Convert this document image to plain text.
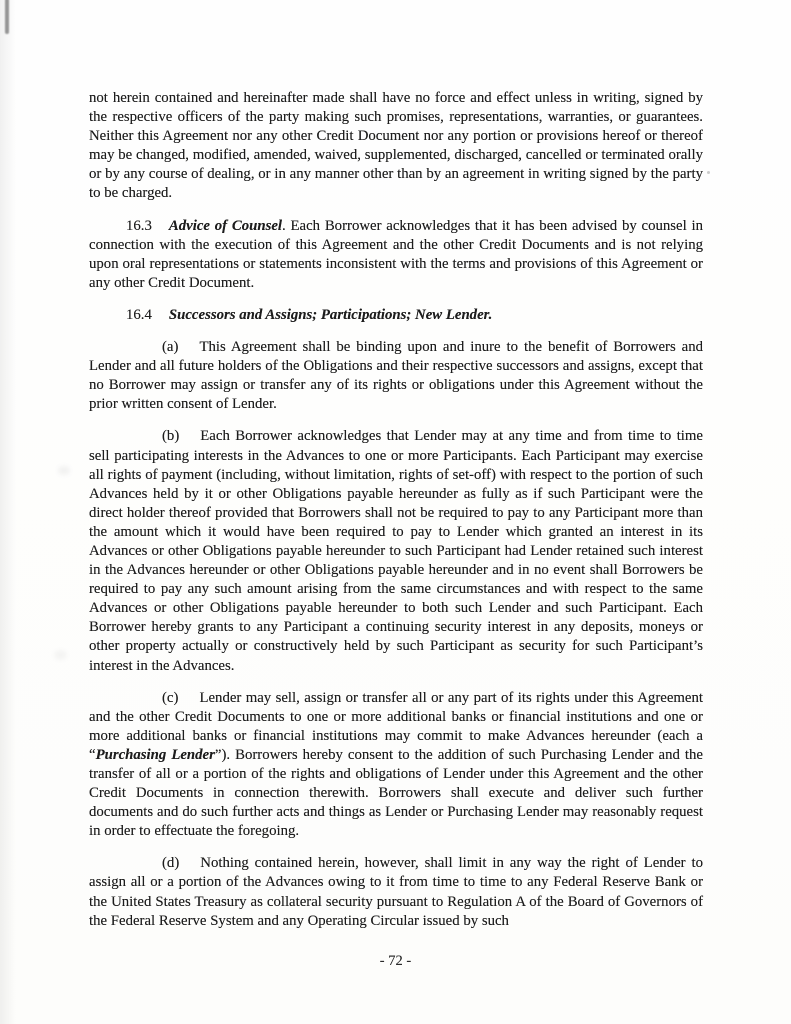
not herein contained and hereinafter made shall have no force and effect unless in writing, signed by the respective officers of the party making such promises, representations, warranties, or guarantees. Neither this Agreement nor any other Credit Document nor any portion or provisions hereof or thereof may be changed, modified, amended, waived, supplemented, discharged, cancelled or terminated orally or by any course of dealing, or in any manner other than by an agreement in writing signed by the party to be charged.

16.3 Advice of Counsel. Each Borrower acknowledges that it has been advised by counsel in connection with the execution of this Agreement and the other Credit Documents and is not relying upon oral representations or statements inconsistent with the terms and provisions of this Agreement or any other Credit Document.

16.4 Successors and Assigns; Participations; New Lender.

(a) This Agreement shall be binding upon and inure to the benefit of Borrowers and Lender and all future holders of the Obligations and their respective successors and assigns, except that no Borrower may assign or transfer any of its rights or obligations under this Agreement without the prior written consent of Lender.

(b) Each Borrower acknowledges that Lender may at any time and from time to time sell participating interests in the Advances to one or more Participants. Each Participant may exercise all rights of payment (including, without limitation, rights of set-off) with respect to the portion of such Advances held by it or other Obligations payable hereunder as fully as if such Participant were the direct holder thereof provided that Borrowers shall not be required to pay to any Participant more than the amount which it would have been required to pay to Lender which granted an interest in its Advances or other Obligations payable hereunder to such Participant had Lender retained such interest in the Advances hereunder or other Obligations payable hereunder and in no event shall Borrowers be required to pay any such amount arising from the same circumstances and with respect to the same Advances or other Obligations payable hereunder to both such Lender and such Participant. Each Borrower hereby grants to any Participant a continuing security interest in any deposits, moneys or other property actually or constructively held by such Participant as security for such Participant’s interest in the Advances.

(c) Lender may sell, assign or transfer all or any part of its rights under this Agreement and the other Credit Documents to one or more additional banks or financial institutions and one or more additional banks or financial institutions may commit to make Advances hereunder (each a “Purchasing Lender”). Borrowers hereby consent to the addition of such Purchasing Lender and the transfer of all or a portion of the rights and obligations of Lender under this Agreement and the other Credit Documents in connection therewith. Borrowers shall execute and deliver such further documents and do such further acts and things as Lender or Purchasing Lender may reasonably request in order to effectuate the foregoing.

(d) Nothing contained herein, however, shall limit in any way the right of Lender to assign all or a portion of the Advances owing to it from time to time to any Federal Reserve Bank or the United States Treasury as collateral security pursuant to Regulation A of the Board of Governors of the Federal Reserve System and any Operating Circular issued by such

- 72 -
